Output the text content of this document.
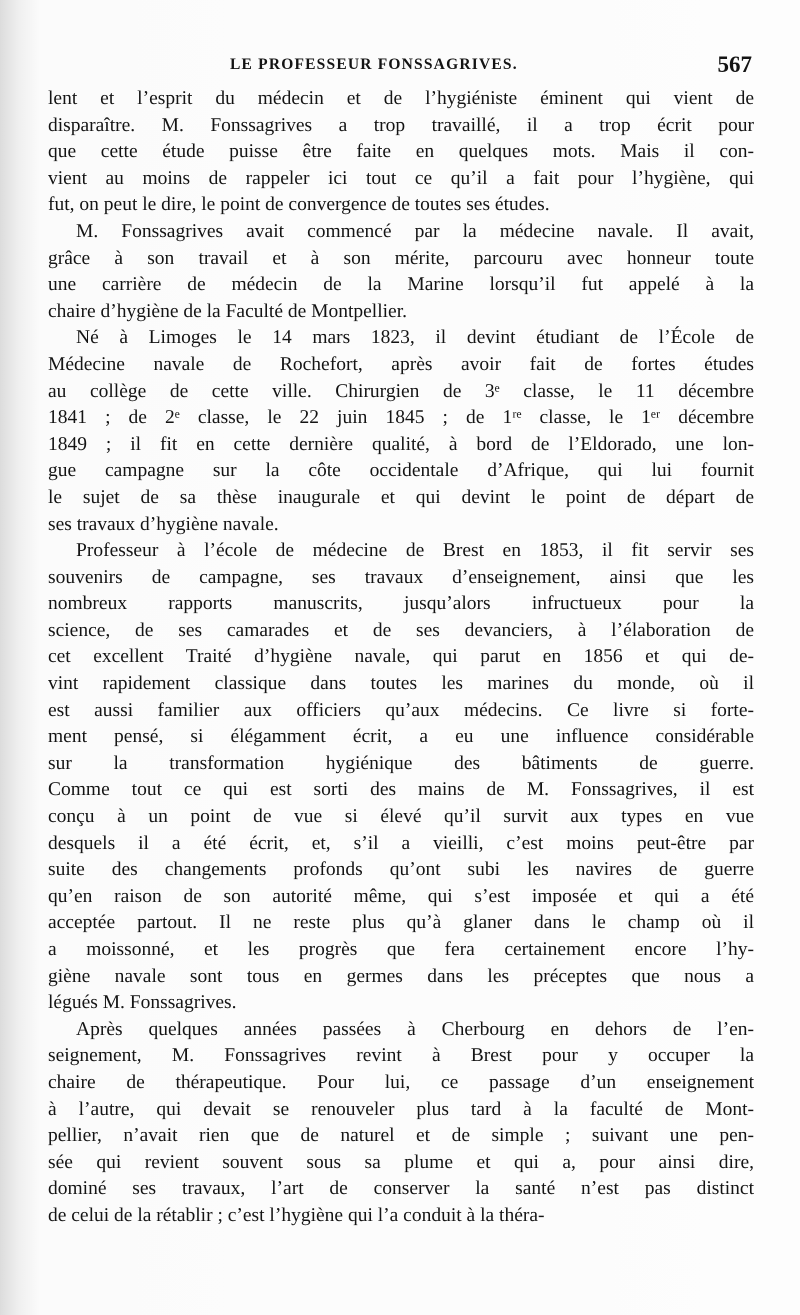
LE PROFESSEUR FONSSAGRIVES.	567
lent et l’esprit du médecin et de l’hygiéniste éminent qui vient de
disparaître. M. Fonssagrives a trop travaillé, il a trop écrit pour
que cette étude puisse être faite en quelques mots. Mais il con-
vient au moins de rappeler ici tout ce qu’il a fait pour l’hygiène, qui
fut, on peut le dire, le point de convergence de toutes ses études.
M. Fonssagrives avait commencé par la médecine navale. Il avait,
grâce à son travail et à son mérite, parcouru avec honneur toute
une carrière de médecin de la Marine lorsqu’il fut appelé à la
chaire d’hygiène de la Faculté de Montpellier.
Né à Limoges le 14 mars 1823, il devint étudiant de l’École de
Médecine navale de Rochefort, après avoir fait de fortes études
au collège de cette ville. Chirurgien de 3ᵉ classe, le 11 décembre
1841 ; de 2ᵉ classe, le 22 juin 1845 ; de 1ʳᵉ classe, le 1ᵉʳ décembre
1849 ; il fit en cette dernière qualité, à bord de l’Eldorado, une lon-
gue campagne sur la côte occidentale d’Afrique, qui lui fournit
le sujet de sa thèse inaugurale et qui devint le point de départ de
ses travaux d’hygiène navale.
Professeur à l’école de médecine de Brest en 1853, il fit servir ses
souvenirs de campagne, ses travaux d’enseignement, ainsi que les
nombreux rapports manuscrits, jusqu’alors infructueux pour la
science, de ses camarades et de ses devanciers, à l’élaboration de
cet excellent Traité d’hygiène navale, qui parut en 1856 et qui de-
vint rapidement classique dans toutes les marines du monde, où il
est aussi familier aux officiers qu’aux médecins. Ce livre si forte-
ment pensé, si élégamment écrit, a eu une influence considérable
sur la transformation hygiénique des bâtiments de guerre.
Comme tout ce qui est sorti des mains de M. Fonssagrives, il est
conçu à un point de vue si élevé qu’il survit aux types en vue
desquels il a été écrit, et, s’il a vieilli, c’est moins peut-être par
suite des changements profonds qu’ont subi les navires de guerre
qu’en raison de son autorité même, qui s’est imposée et qui a été
acceptée partout. Il ne reste plus qu’à glaner dans le champ où il
a moissonné, et les progrès que fera certainement encore l’hy-
giène navale sont tous en germes dans les préceptes que nous a
légués M. Fonssagrives.
Après quelques années passées à Cherbourg en dehors de l’en-
seignement, M. Fonssagrives revint à Brest pour y occuper la
chaire de thérapeutique. Pour lui, ce passage d’un enseignement
à l’autre, qui devait se renouveler plus tard à la faculté de Mont-
pellier, n’avait rien que de naturel et de simple ; suivant une pen-
sée qui revient souvent sous sa plume et qui a, pour ainsi dire,
dominé ses travaux, l’art de conserver la santé n’est pas distinct
de celui de la rétablir ; c’est l’hygiène qui l’a conduit à la théra-
